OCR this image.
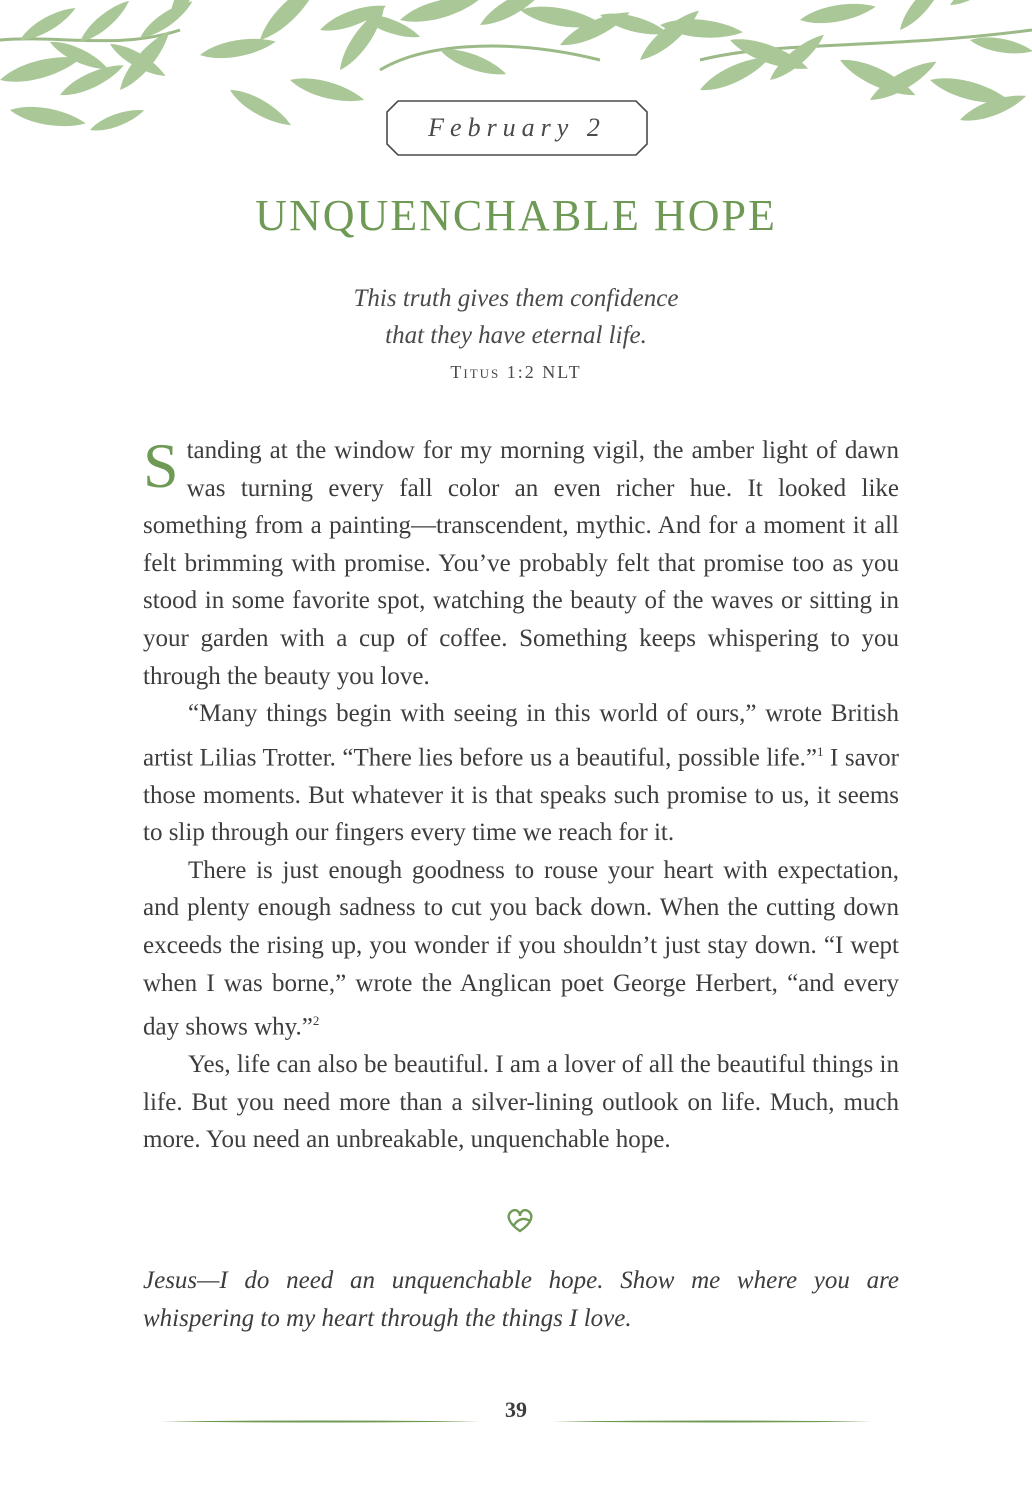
February 2
UNQUENCHABLE HOPE
This truth gives them confidence
that they have eternal life.
Titus 1:2 NLT

Standing at the window for my morning vigil, the amber light of dawn was turning every fall color an even richer hue. It looked like something from a painting—transcendent, mythic. And for a moment it all felt brimming with promise. You’ve probably felt that promise too as you stood in some favorite spot, watching the beauty of the waves or sitting in your garden with a cup of coffee. Something keeps whispering to you through the beauty you love.

“Many things begin with seeing in this world of ours,” wrote British artist Lilias Trotter. “There lies before us a beautiful, possible life.”$^1$ I savor those moments. But whatever it is that speaks such promise to us, it seems to slip through our fingers every time we reach for it.

There is just enough goodness to rouse your heart with expectation, and plenty enough sadness to cut you back down. When the cutting down exceeds the rising up, you wonder if you shouldn’t just stay down. “I wept when I was borne,” wrote the Anglican poet George Herbert, “and every day shows why.”$^2$

Yes, life can also be beautiful. I am a lover of all the beautiful things in life. But you need more than a silver-lining outlook on life. Much, much more. You need an unbreakable, unquenchable hope.

Jesus—I do need an unquenchable hope. Show me where you are whispering to my heart through the things I love.
39
